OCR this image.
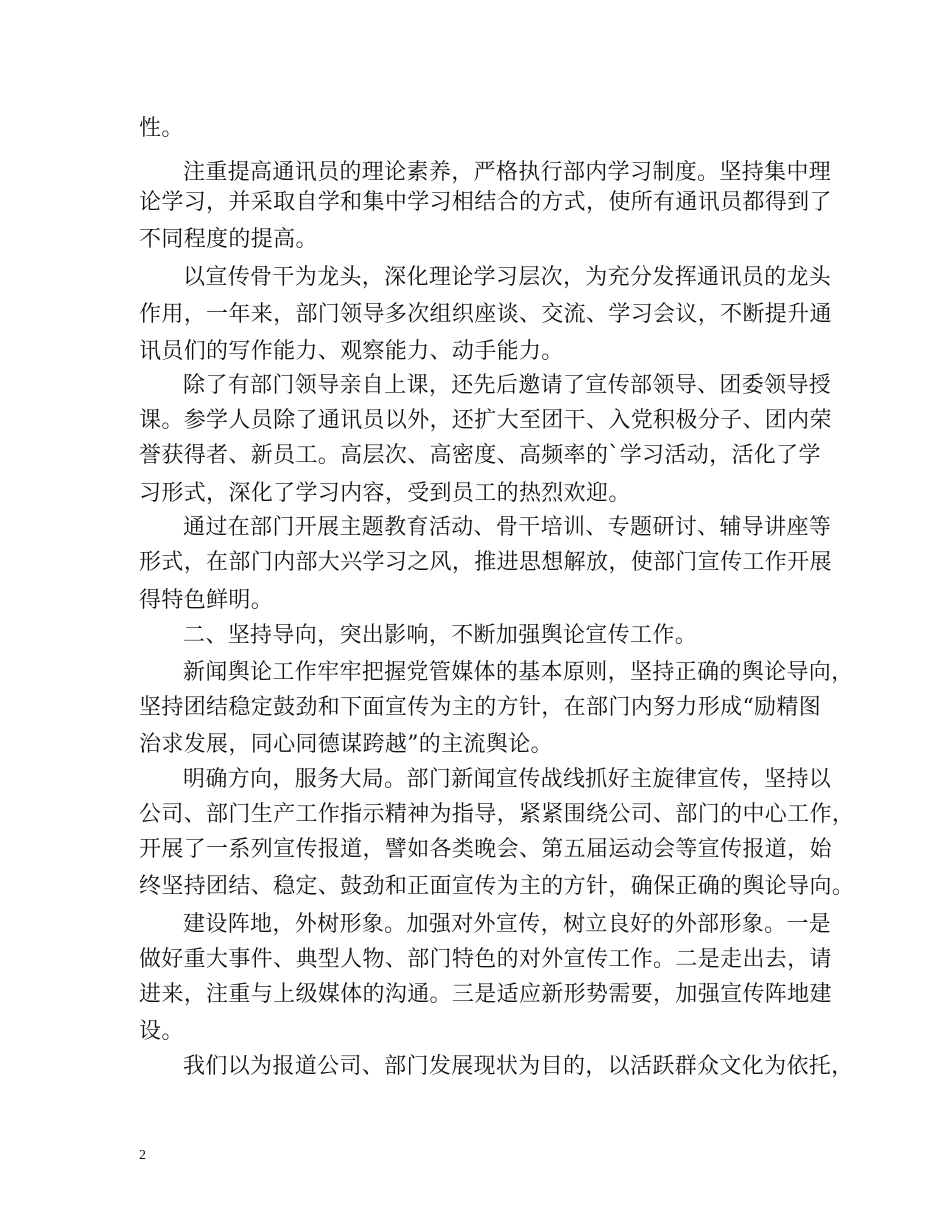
性。
注重提高通讯员的理论素养，严格执行部内学习制度。坚持集中理
论学习，并采取自学和集中学习相结合的方式，使所有通讯员都得到了
不同程度的提高。
以宣传骨干为龙头，深化理论学习层次，为充分发挥通讯员的龙头
作用，一年来，部门领导多次组织座谈、交流、学习会议，不断提升通
讯员们的写作能力、观察能力、动手能力。
除了有部门领导亲自上课，还先后邀请了宣传部领导、团委领导授
课。参学人员除了通讯员以外，还扩大至团干、入党积极分子、团内荣
誉获得者、新员工。高层次、高密度、高频率的`学习活动，活化了学
习形式，深化了学习内容，受到员工的热烈欢迎。
通过在部门开展主题教育活动、骨干培训、专题研讨、辅导讲座等
形式，在部门内部大兴学习之风，推进思想解放，使部门宣传工作开展
得特色鲜明。
二、坚持导向，突出影响，不断加强舆论宣传工作。
新闻舆论工作牢牢把握党管媒体的基本原则，坚持正确的舆论导向，
坚持团结稳定鼓劲和下面宣传为主的方针，在部门内努力形成“励精图
治求发展，同心同德谋跨越”的主流舆论。
明确方向，服务大局。部门新闻宣传战线抓好主旋律宣传，坚持以
公司、部门生产工作指示精神为指导，紧紧围绕公司、部门的中心工作，
开展了一系列宣传报道，譬如各类晚会、第五届运动会等宣传报道，始
终坚持团结、稳定、鼓劲和正面宣传为主的方针，确保正确的舆论导向。
建设阵地，外树形象。加强对外宣传，树立良好的外部形象。一是
做好重大事件、典型人物、部门特色的对外宣传工作。二是走出去，请
进来，注重与上级媒体的沟通。三是适应新形势需要，加强宣传阵地建
设。
我们以为报道公司、部门发展现状为目的，以活跃群众文化为依托，
2
